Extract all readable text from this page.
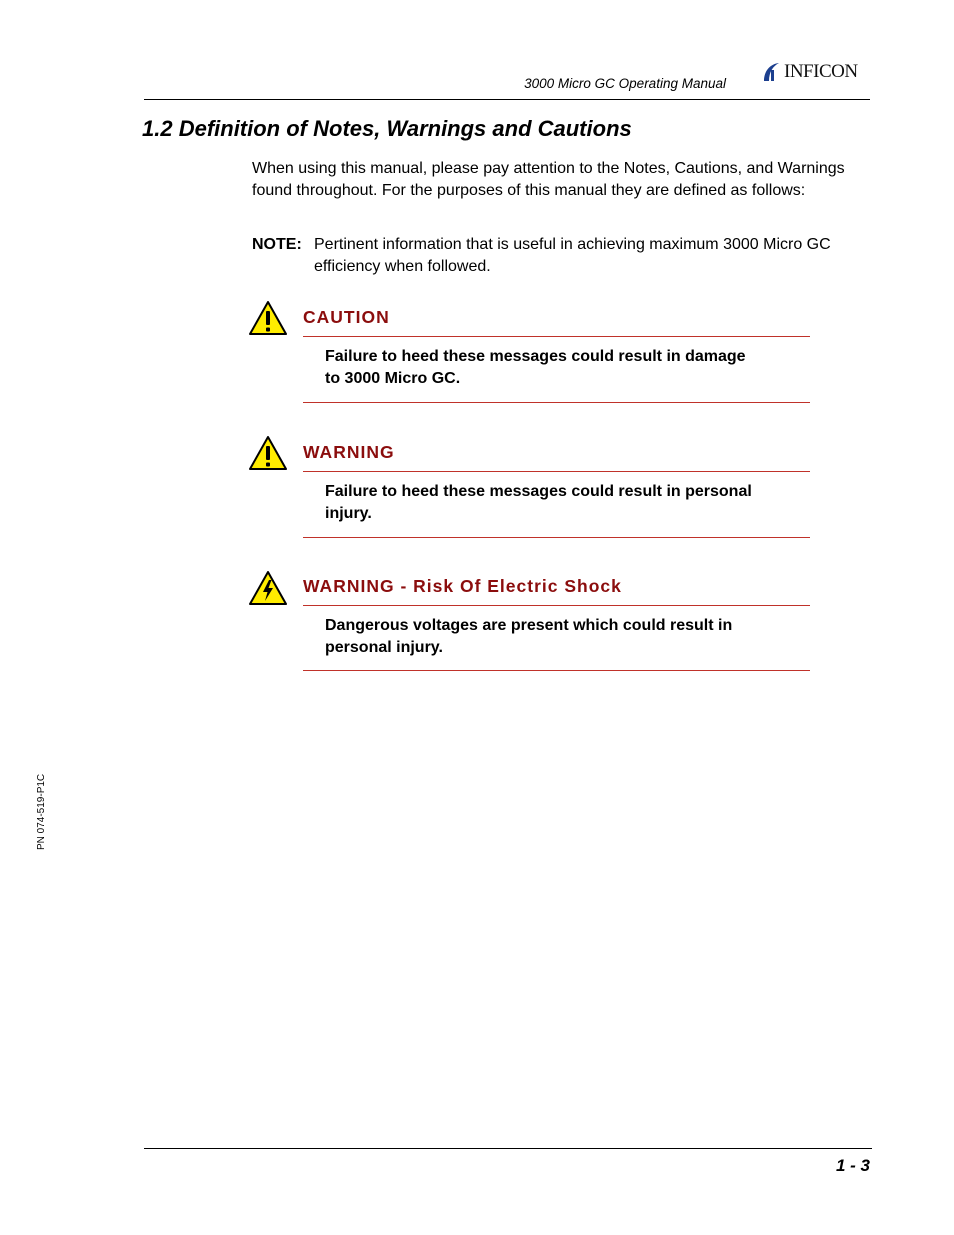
3000 Micro GC Operating Manual
INFICON
1.2 Definition of Notes, Warnings and Cautions

When using this manual, please pay attention to the Notes, Cautions, and Warnings found throughout. For the purposes of this manual they are defined as follows:

NOTE: Pertinent information that is useful in achieving maximum 3000 Micro GC efficiency when followed.
CAUTION
Failure to heed these messages could result in damage to 3000 Micro GC.
WARNING
Failure to heed these messages could result in personal injury.
WARNING - Risk Of Electric Shock
Dangerous voltages are present which could result in personal injury.
PN 074-519-P1C
1 - 3
